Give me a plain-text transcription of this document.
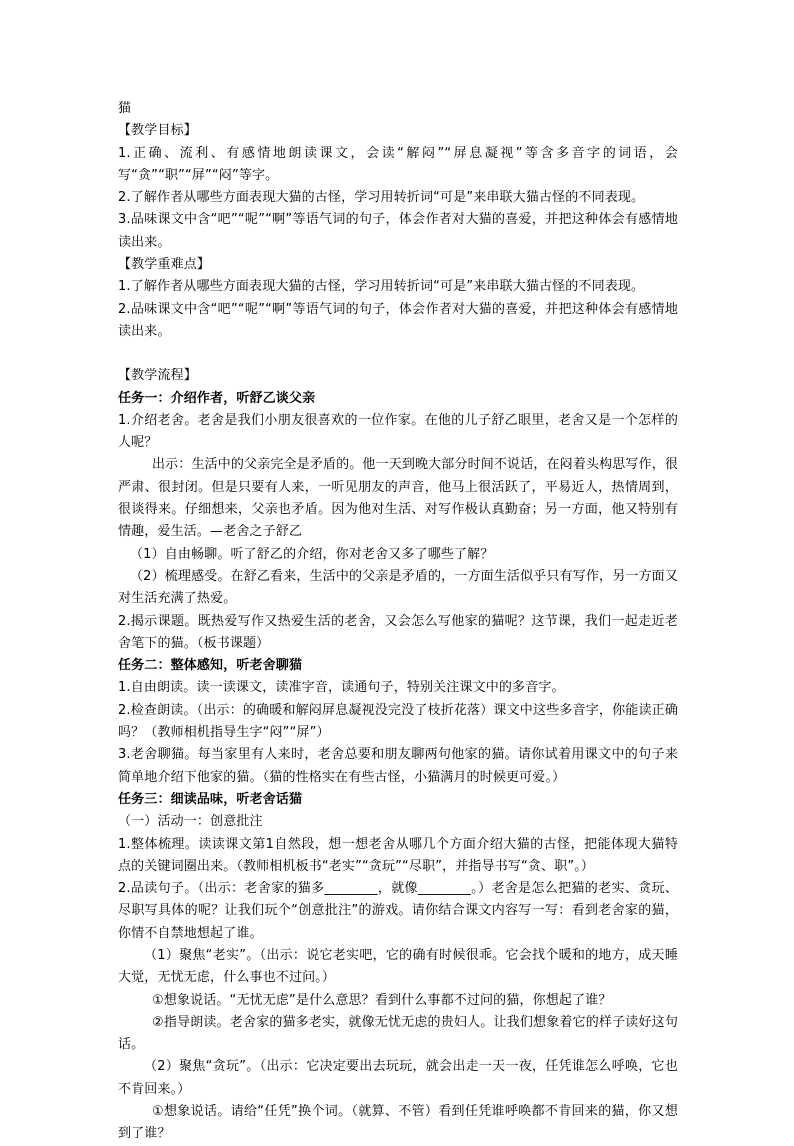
猫

【教学目标】

1.正确、流利、有感情地朗读课文，会读“解闷”“屏息凝视”等含多音字的词语，会写“贪”“职”“屏”“闷”等字。

2.了解作者从哪些方面表现大猫的古怪，学习用转折词“可是”来串联大猫古怪的不同表现。

3.品味课文中含“吧”“呢”“啊”等语气词的句子，体会作者对大猫的喜爱，并把这种体会有感情地读出来。

【教学重难点】

1.了解作者从哪些方面表现大猫的古怪，学习用转折词“可是”来串联大猫古怪的不同表现。

2.品味课文中含“吧”“呢”“啊”等语气词的句子，体会作者对大猫的喜爱，并把这种体会有感情地读出来。

【教学流程】

任务一：介绍作者，听舒乙谈父亲

1.介绍老舍。老舍是我们小朋友很喜欢的一位作家。在他的儿子舒乙眼里，老舍又是一个怎样的人呢？

出示：生活中的父亲完全是矛盾的。他一天到晚大部分时间不说话，在闷着头构思写作，很严肃、很封闭。但是只要有人来，一听见朋友的声音，他马上很活跃了，平易近人，热情周到，很谈得来。仔细想来，父亲也矛盾。因为他对生活、对写作极认真勤奋；另一方面，他又特别有情趣，爱生活。—老舍之子舒乙

（1）自由畅聊。听了舒乙的介绍，你对老舍又多了哪些了解？

（2）梳理感受。在舒乙看来，生活中的父亲是矛盾的，一方面生活似乎只有写作，另一方面又对生活充满了热爱。

2.揭示课题。既热爱写作又热爱生活的老舍，又会怎么写他家的猫呢？这节课，我们一起走近老舍笔下的猫。（板书课题）

任务二：整体感知，听老舍聊猫

1.自由朗读。读一读课文，读准字音，读通句子，特别关注课文中的多音字。

2.检查朗读。（出示：的确暖和解闷屏息凝视没完没了枝折花落）课文中这些多音字，你能读正确吗？（教师相机指导生字“闷”“屏”）

3.老舍聊猫。每当家里有人来时，老舍总要和朋友聊两句他家的猫。请你试着用课文中的句子来简单地介绍下他家的猫。（猫的性格实在有些古怪，小猫满月的时候更可爱。）

任务三：细读品味，听老舍话猫

（一）活动一：创意批注

1.整体梳理。读读课文第1自然段，想一想老舍从哪几个方面介绍大猫的古怪，把能体现大猫特点的关键词圈出来。（教师相机板书“老实”“贪玩”“尽职”，并指导书写“贪、职”。）

2.品读句子。（出示：老舍家的猫多________，就像________。）老舍是怎么把猫的老实、贪玩、尽职写具体的呢？让我们玩个“创意批注”的游戏。请你结合课文内容写一写：看到老舍家的猫，你情不自禁地想起了谁。

（1）聚焦“老实”。（出示：说它老实吧，它的确有时候很乖。它会找个暖和的地方，成天睡大觉，无忧无虑，什么事也不过问。）

①想象说话。“无忧无虑”是什么意思？看到什么事都不过问的猫，你想起了谁？

②指导朗读。老舍家的猫多老实，就像无忧无虑的贵妇人。让我们想象着它的样子读好这句话。

（2）聚焦“贪玩”。（出示：它决定要出去玩玩，就会出走一天一夜，任凭谁怎么呼唤，它也不肯回来。）

①想象说话。请给“任凭”换个词。（就算、不管）看到任凭谁呼唤都不肯回来的猫，你又想到了谁？
